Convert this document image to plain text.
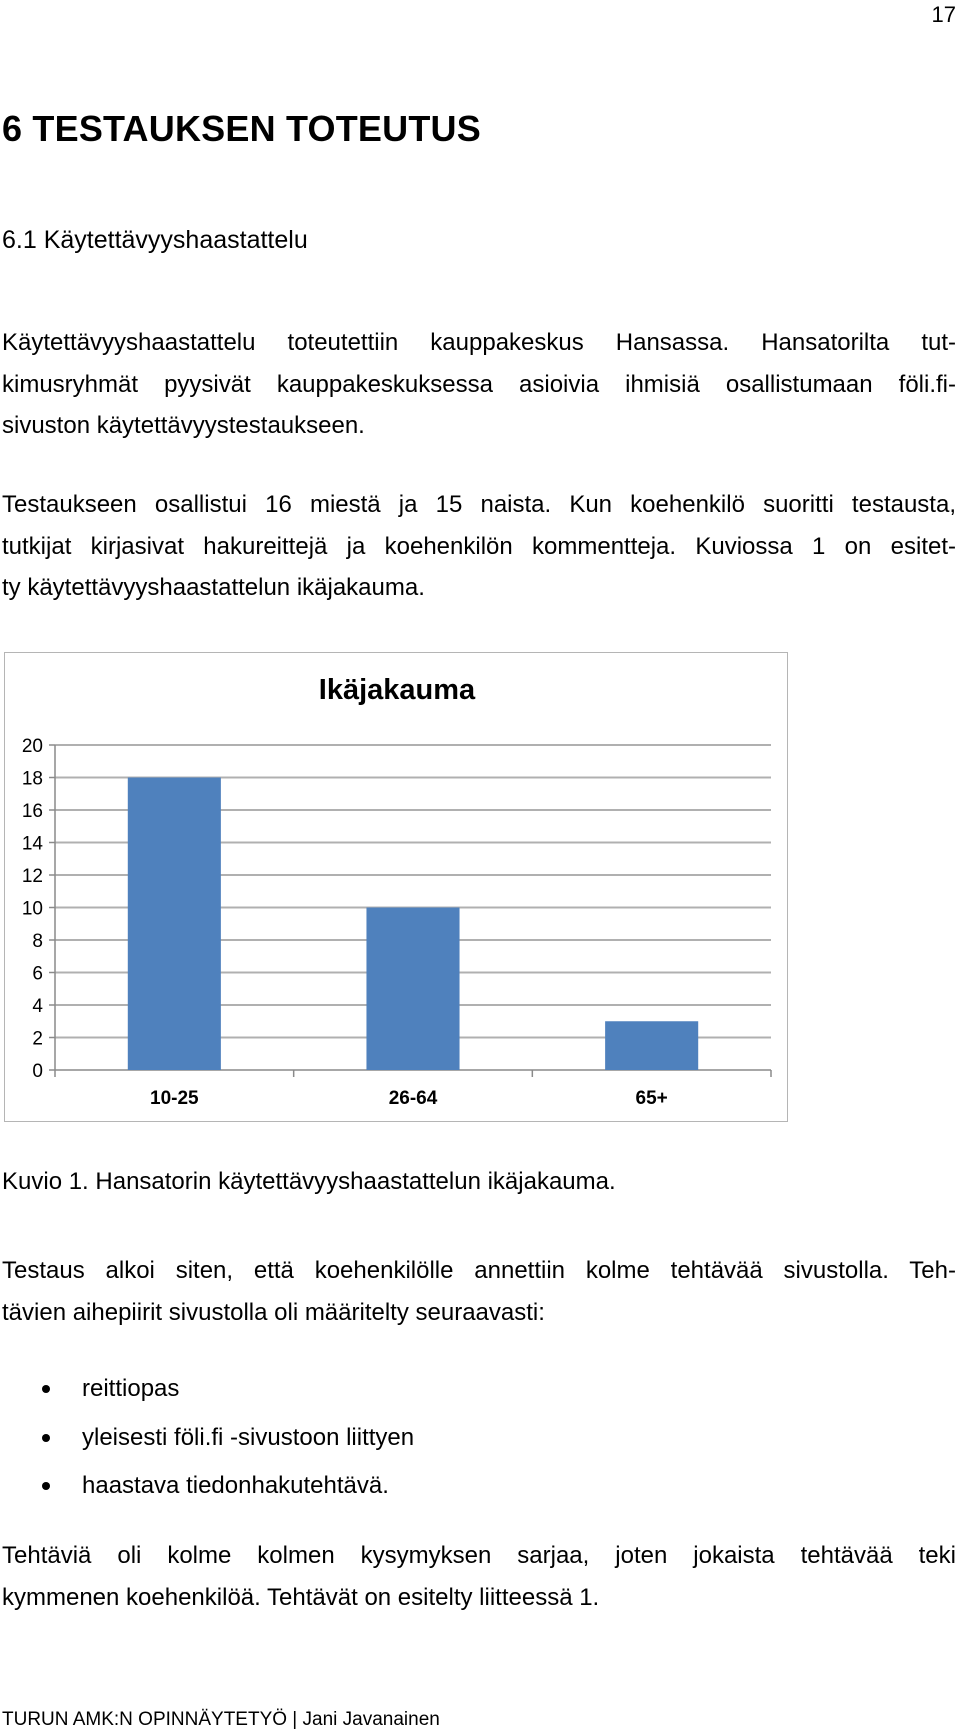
17
6 TESTAUKSEN TOTEUTUS
6.1 Käytettävyyshaastattelu
Käytettävyyshaastattelu toteutettiin kauppakeskus Hansassa. Hansatorilta tut-
kimusryhmät pyysivät kauppakeskuksessa asioivia ihmisiä osallistumaan föli.fi-
sivuston käytettävyystestaukseen.
Testaukseen osallistui 16 miestä ja 15 naista. Kun koehenkilö suoritti testausta,
tutkijat kirjasivat hakureittejä ja koehenkilön kommentteja. Kuviossa 1 on esitet-
ty käytettävyyshaastattelun ikäjakauma.
Ikäjakauma
0
2
4
6
8
10
12
14
16
18
20
10-25	26-64	65+

Kuvio 1. Hansatorin käytettävyyshaastattelun ikäjakauma.

Testaus alkoi siten, että koehenkilölle annettiin kolme tehtävää sivustolla. Teh-
tävien aihepiirit sivustolla oli määritelty seuraavasti:
reittiopas
yleisesti föli.fi -sivustoon liittyen
haastava tiedonhakutehtävä.
Tehtäviä oli kolme kolmen kysymyksen sarjaa, joten jokaista tehtävää teki
kymmenen koehenkilöä. Tehtävät on esitelty liitteessä 1.
TURUN AMK:N OPINNÄYTETYÖ | Jani Javanainen
